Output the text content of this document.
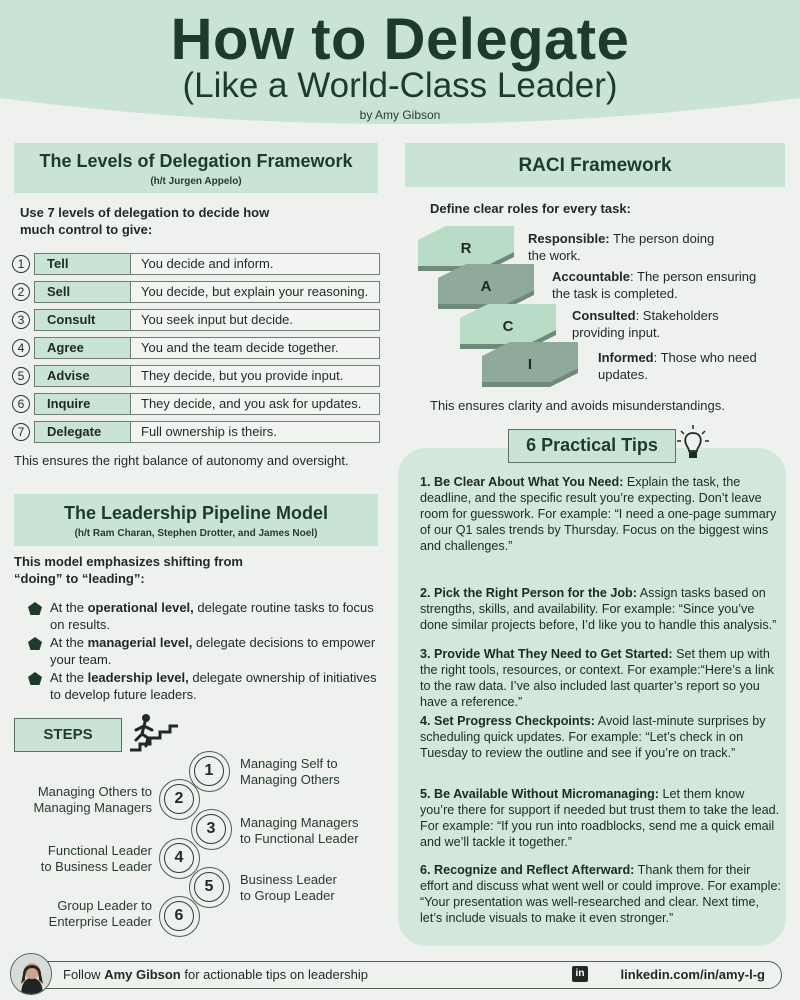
How to Delegate
(Like a World-Class Leader)
by Amy Gibson
The Levels of Delegation Framework
(h/t Jurgen Appelo)
Use 7 levels of delegation to decide how
much control to give:
1	Tell	You decide and inform.
2	Sell	You decide, but explain your reasoning.
3	Consult	You seek input but decide.
4	Agree	You and the team decide together.
5	Advise	They decide, but you provide input.
6	Inquire	They decide, and you ask for updates.
7	Delegate	Full ownership is theirs.
This ensures the right balance of autonomy and oversight.
The Leadership Pipeline Model
(h/t Ram Charan, Stephen Drotter, and James Noel)
This model emphasizes shifting from
“doing” to “leading”:
At the operational level, delegate routine tasks to focus on results.
At the managerial level, delegate decisions to empower your team.
At the leadership level, delegate ownership of initiatives to develop future leaders.
STEPS
1	Managing Self to
Managing Others
2
Managing Others to
Managing Managers
3	Managing Managers
to Functional Leader
4
Functional Leader
to Business Leader
5	Business Leader
to Group Leader
6
Group Leader to
Enterprise Leader
RACI Framework
Define clear roles for every task:
R
A
C
I
Responsible: The person doing
the work.
Accountable: The person ensuring
the task is completed.
Consulted: Stakeholders
providing input.
Informed: Those who need
updates.
This ensures clarity and avoids misunderstandings.
6 Practical Tips
1. Be Clear About What You Need: Explain the task, the deadline, and the specific result you’re expecting. Don’t leave room for guesswork. For example: “I need a one-page summary of our Q1 sales trends by Thursday. Focus on the biggest wins and challenges.”
2. Pick the Right Person for the Job: Assign tasks based on strengths, skills, and availability. For example: “Since you’ve done similar projects before, I’d like you to handle this analysis.”
3. Provide What They Need to Get Started: Set them up with the right tools, resources, or context. For example:“Here’s a link to the raw data. I’ve also included last quarter’s report so you have a reference.”
4. Set Progress Checkpoints: Avoid last-minute surprises by scheduling quick updates. For example: “Let’s check in on Tuesday to review the outline and see if you’re on track.”
5. Be Available Without Micromanaging: Let them know you’re there for support if needed but trust them to take the lead. For example: “If you run into roadblocks, send me a quick email and we’ll tackle it together.”
6. Recognize and Reflect Afterward: Thank them for their effort and discuss what went well or could improve. For example: “Your presentation was well-researched and clear. Next time, let’s include visuals to make it even stronger.”
Follow Amy Gibson for actionable tips on leadership	linkedin.com/in/amy-l-g
in
